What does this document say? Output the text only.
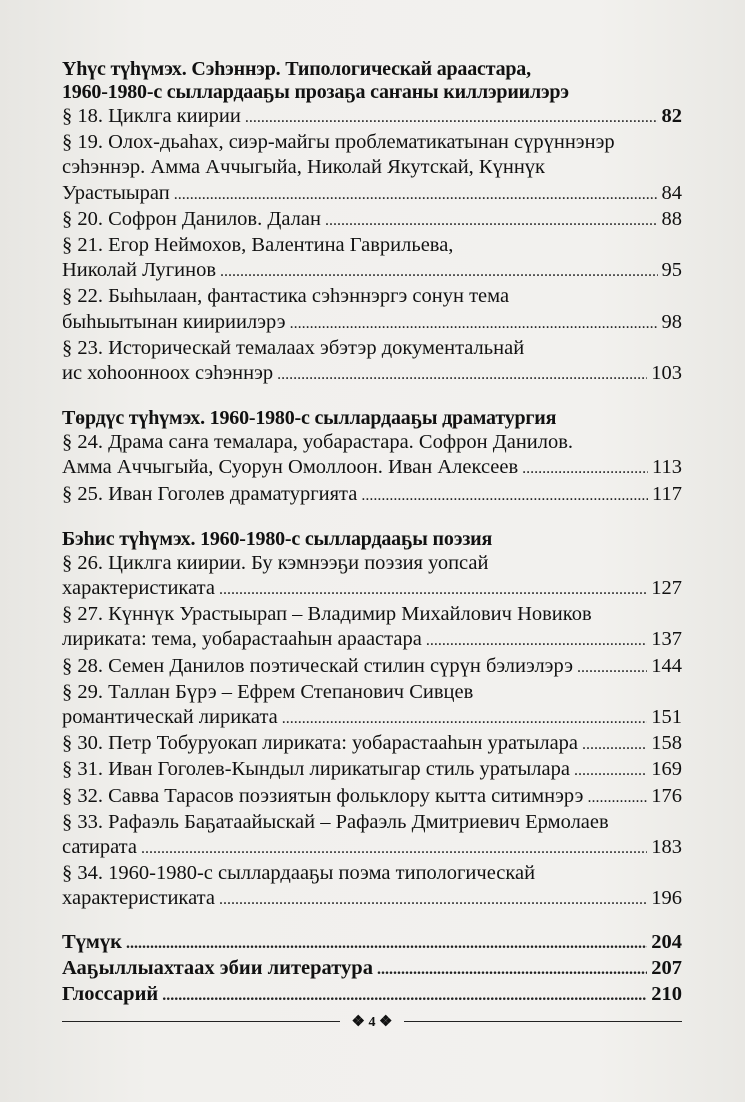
Үһүс түһүмэх. Сэһэннэр. Типологическай араастара,
1960-1980-с сыллардааҕы прозаҕа саҥаны киллэриилэрэ
§ 18. Циклга киирии .....	82
§ 19. Олох-дьаһах, сиэр-майгы проблематикатынан сүрүннэнэр
сэһэннэр. Амма Аччыгыйа, Николай Якутскай, Күннүк
Урастыырап .....	84
§ 20. Софрон Данилов. Далан .....	88
§ 21. Егор Неймохов, Валентина Гаврильева,
Николай Лугинов .....	95
§ 22. Быһылаан, фантастика сэһэннэргэ сонун тема
быһыытынан киириилэрэ .....	98
§ 23. Историческай темалаах эбэтэр документальнай
ис хоһоонноох сэһэннэр .....	103
Төрдүс түһүмэх. 1960-1980-с сыллардааҕы драматургия
§ 24. Драма саҥа темалара, уобарастара. Софрон Данилов.
Амма Аччыгыйа, Суорун Омоллоон. Иван Алексеев .....	113
§ 25. Иван Гоголев драматургията .....	117
Бэһис түһүмэх. 1960-1980-с сыллардааҕы поэзия
§ 26. Циклга киирии. Бу кэмнээҕи поэзия уопсай
характеристиката .....	127
§ 27. Күннүк Урастыырап – Владимир Михайлович Новиков
лириката: тема, уобарастааһын араастара .....	137
§ 28. Семен Данилов поэтическай стилин сүрүн бэлиэлэрэ .....	144
§ 29. Таллан Бүрэ – Ефрем Степанович Сивцев
романтическай лириката .....	151
§ 30. Петр Тобуруокап лириката: уобарастааһын уратылара .....	158
§ 31. Иван Гоголев-Кындыл лирикатыгар стиль уратылара .....	169
§ 32. Савва Тарасов поэзиятын фольклору кытта ситимнэрэ .....	176
§ 33. Рафаэль Баҕатаайыскай – Рафаэль Дмитриевич Ермолаев
сатирата .....	183
§ 34. 1960-1980-с сыллардааҕы поэма типологическай
характеристиката .....	196
Түмүк .....	204
Ааҕыллыахтаах эбии литература .....	207
Глоссарий .....	210
❖ 4 ❖
